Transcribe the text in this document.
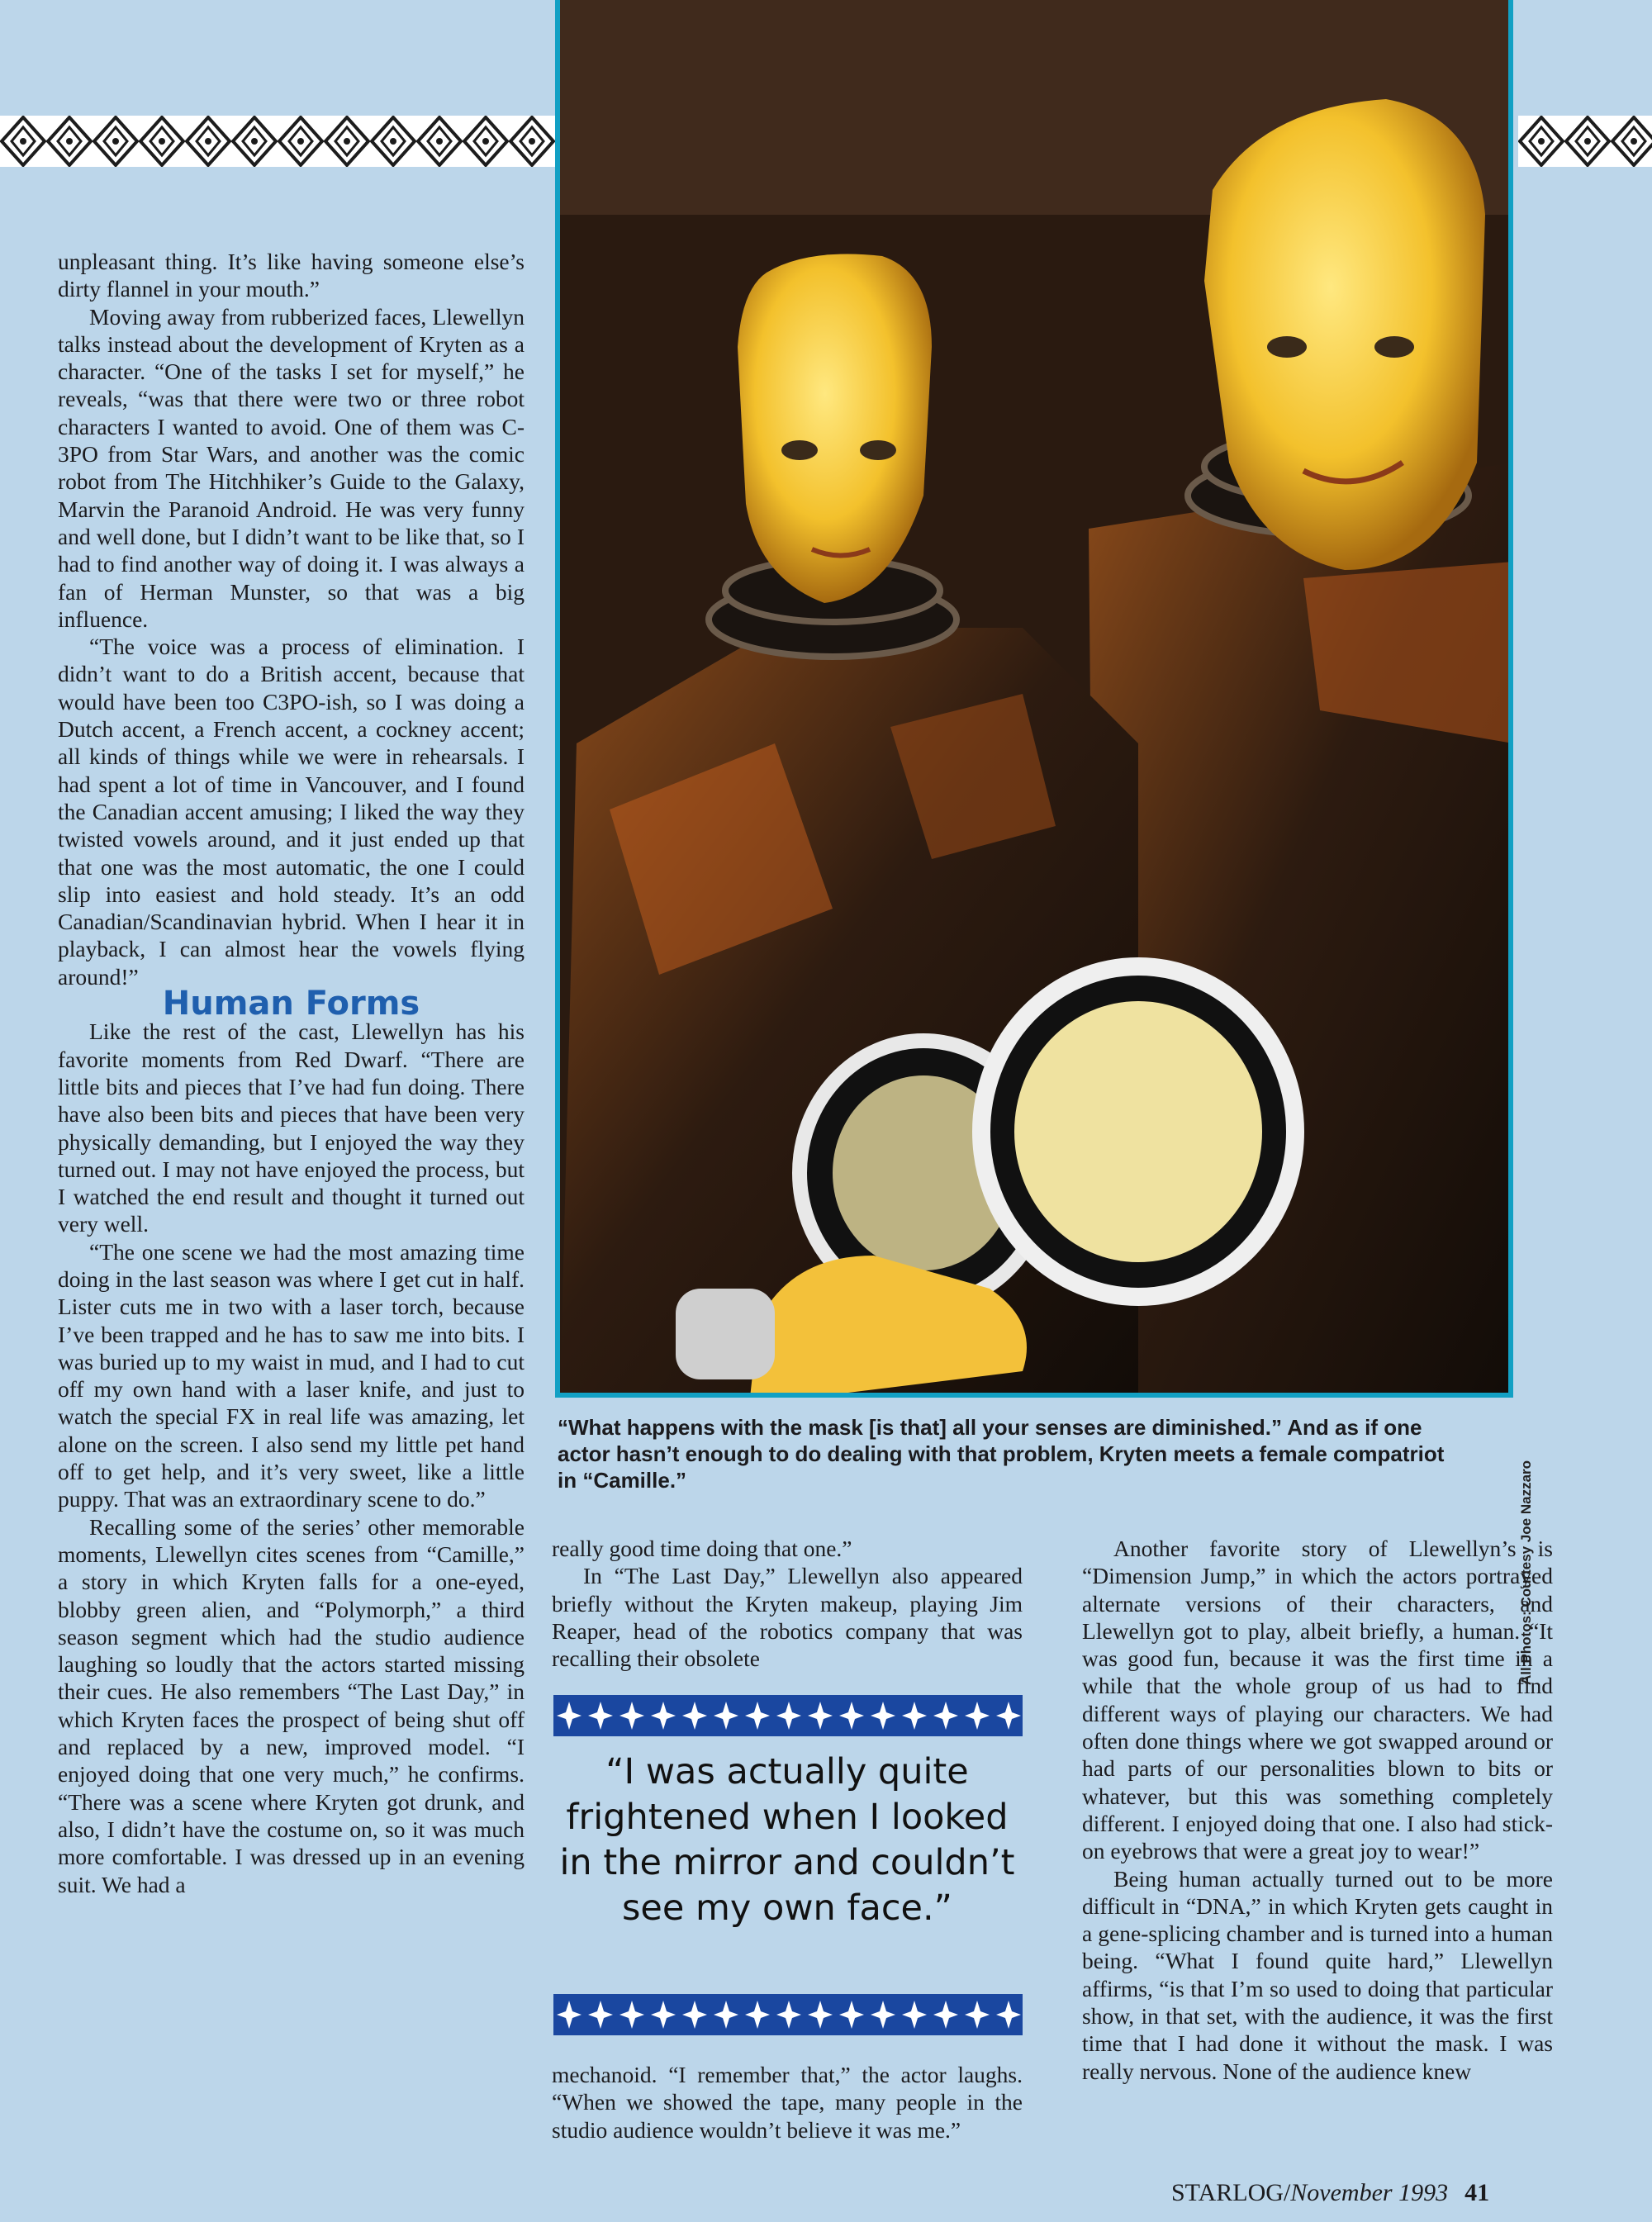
All Photos: Courtesy Joe Nazzaro

unpleasant thing. It’s like having someone else’s dirty flannel in your mouth.”

Moving away from rubberized faces, Llewellyn talks instead about the development of Kryten as a character. “One of the tasks I set for myself,” he reveals, “was that there were two or three robot characters I wanted to avoid. One of them was C-3PO from Star Wars, and another was the comic robot from The Hitchhiker’s Guide to the Galaxy, Marvin the Paranoid Android. He was very funny and well done, but I didn’t want to be like that, so I had to find another way of doing it. I was always a fan of Herman Munster, so that was a big influence.

“The voice was a process of elimination. I didn’t want to do a British accent, because that would have been too C3PO-ish, so I was doing a Dutch accent, a French accent, a cockney accent; all kinds of things while we were in rehearsals. I had spent a lot of time in Vancouver, and I found the Canadian accent amusing; I liked the way they twisted vowels around, and it just ended up that that one was the most automatic, the one I could slip into easiest and hold steady. It’s an odd Canadian/Scandinavian hybrid. When I hear it in playback, I can almost hear the vowels flying around!”

Human Forms

Like the rest of the cast, Llewellyn has his favorite moments from Red Dwarf. “There are little bits and pieces that I’ve had fun doing. There have also been bits and pieces that have been very physically demanding, but I enjoyed the way they turned out. I may not have enjoyed the process, but I watched the end result and thought it turned out very well.

“The one scene we had the most amazing time doing in the last season was where I get cut in half. Lister cuts me in two with a laser torch, because I’ve been trapped and he has to saw me into bits. I was buried up to my waist in mud, and I had to cut off my own hand with a laser knife, and just to watch the special FX in real life was amazing, let alone on the screen. I also send my little pet hand off to get help, and it’s very sweet, like a little puppy. That was an extraordinary scene to do.”

Recalling some of the series’ other memorable moments, Llewellyn cites scenes from “Camille,” a story in which Kryten falls for a one-eyed, blobby green alien, and “Polymorph,” a third season segment which had the studio audience laughing so loudly that the actors started missing their cues. He also remembers “The Last Day,” in which Kryten faces the prospect of being shut off and replaced by a new, improved model. “I enjoyed doing that one very much,” he confirms. “There was a scene where Kryten got drunk, and also, I didn’t have the costume on, so it was much more comfortable. I was dressed up in an evening suit. We had a

“What happens with the mask [is that] all your senses are diminished.” And as if one actor hasn’t enough to do dealing with that problem, Kryten meets a female compatriot in “Camille.”

really good time doing that one.”

In “The Last Day,” Llewellyn also appeared briefly without the Kryten makeup, playing Jim Reaper, head of the robotics company that was recalling their obsolete

“I was actually quite frightened when I looked in the mirror and couldn’t see my own face.”

mechanoid. “I remember that,” the actor laughs. “When we showed the tape, many people in the studio audience wouldn’t believe it was me.”

Another favorite story of Llewellyn’s is “Dimension Jump,” in which the actors portrayed alternate versions of their characters, and Llewellyn got to play, albeit briefly, a human. “It was good fun, because it was the first time in a while that the whole group of us had to find different ways of playing our characters. We had often done things where we got swapped around or had parts of our personalities blown to bits or whatever, but this was something completely different. I enjoyed doing that one. I also had stick-on eyebrows that were a great joy to wear!”

Being human actually turned out to be more difficult in “DNA,” in which Kryten gets caught in a gene-splicing chamber and is turned into a human being. “What I found quite hard,” Llewellyn affirms, “is that I’m so used to doing that particular show, in that set, with the audience, it was the first time that I had done it without the mask. I was really nervous. None of the audience knew

STARLOG/November 1993 41
